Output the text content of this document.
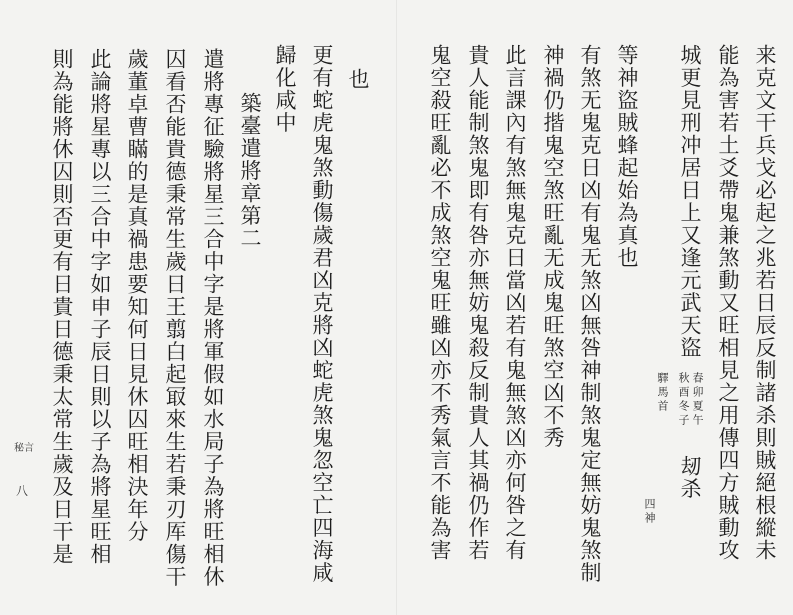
来克文干兵戈必起之兆若日辰反制諸杀則賊絕根縱未
能為害若土爻帶鬼兼煞動又旺相見之用傳四方賊動攻
城更見刑冲居日上又逢元武天盜
春卯夏午
秋酉冬子
刼杀
驛馬首
四神
等神盜賊蜂起始為真也
有煞无鬼克日凶有鬼无煞凶無咎神制煞鬼定無妨鬼煞制
神禍仍揩鬼空煞旺亂无成鬼旺煞空凶不秀
此言課內有煞無鬼克日當凶若有鬼無煞凶亦何咎之有
貴人能制煞鬼即有咎亦無妨鬼殺反制貴人其禍仍作若
鬼空殺旺亂必不成煞空鬼旺雖凶亦不秀氣言不能為害
也
更有蛇虎鬼煞動傷歲君凶克將凶蛇虎煞鬼忽空亡四海咸
歸化咸中
築臺遣將章第二
遣將專征驗將星三合中字是將軍假如水局子為將旺相休
囚看否能貴德秉常生歲日王翦白起冣來生若秉刃厍傷干
歲董卓曹瞞的是真禍患要知何日見休囚旺相決年分
此論將星專以三合中字如申子辰日則以子為將星旺相
則為能將休囚則否更有日貴日德秉太常生歲及日干是
秘言
八
